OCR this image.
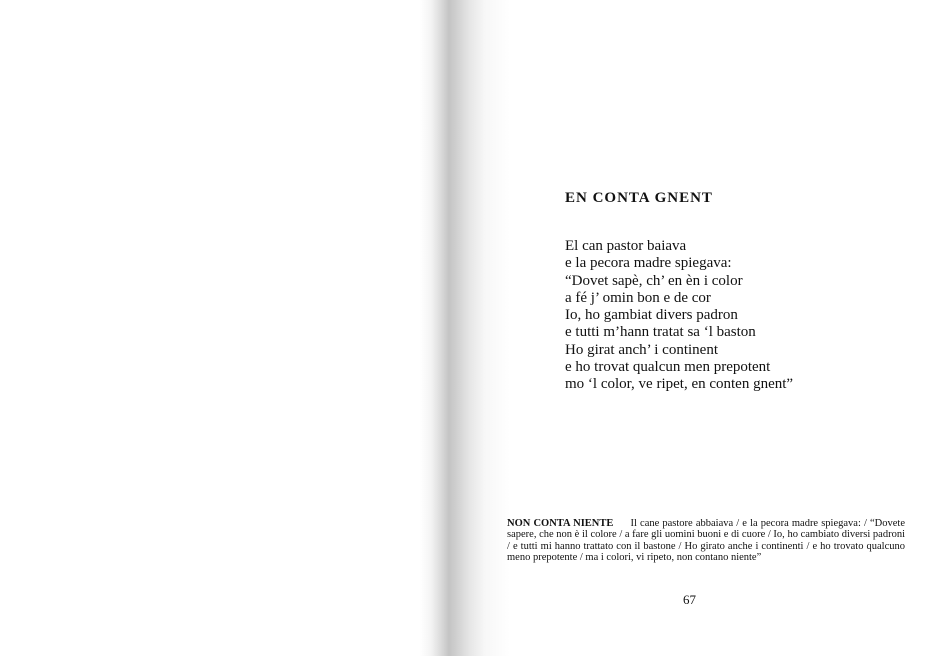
EN CONTA GNENT
El can pastor baiava
e la pecora madre spiegava:
“Dovet sapè, ch’ en èn i color
a fé j’ omin bon e de cor
Io, ho gambiat divers padron
e tutti m’hann tratat sa ‘l baston
Ho girat anch’ i continent
e ho trovat qualcun men prepotent
mo ‘l color, ve ripet, en conten gnent”
NON CONTA NIENTE Il cane pastore abbaiava / e la pecora madre spiegava: / “Dovete sapere, che non è il colore / a fare gli uomini buoni e di cuore / Io, ho cambiato diversi padroni / e tutti mi hanno trattato con il bastone / Ho girato anche i continenti / e ho trovato qualcuno meno prepotente / ma i colori, vi ripeto, non contano niente”
67
